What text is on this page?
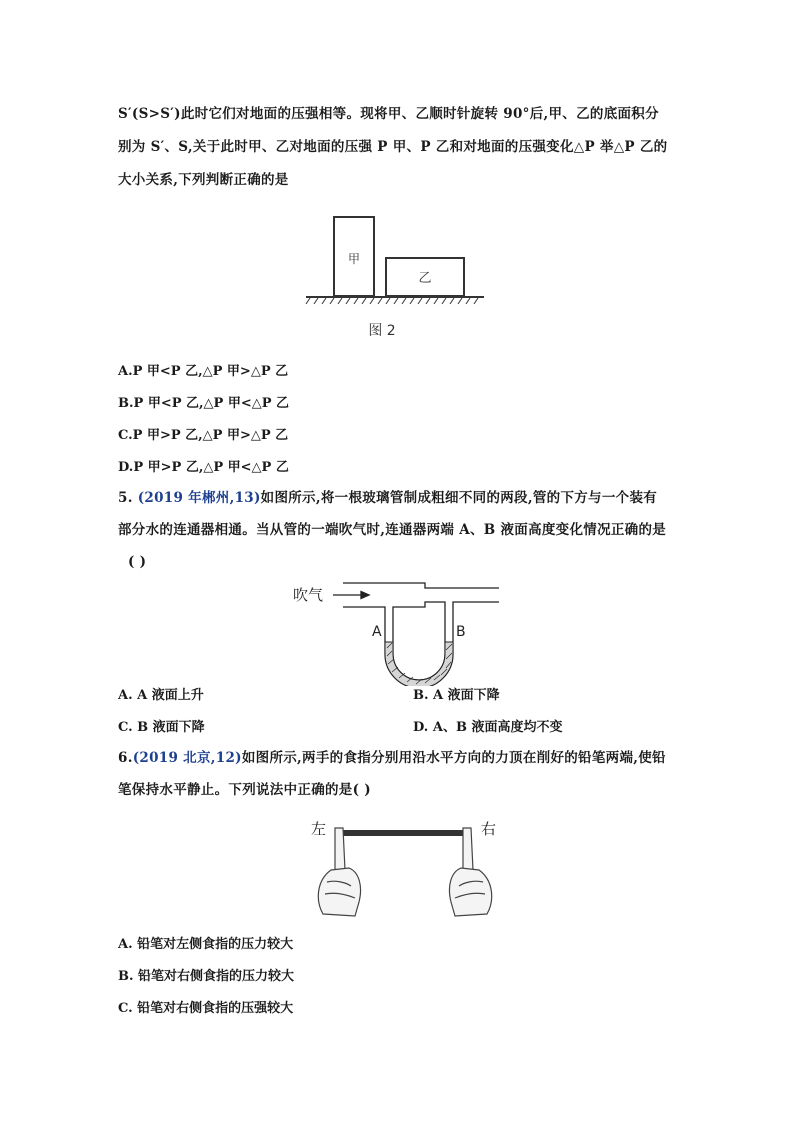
S′(S>S′)此时它们对地面的压强相等。现将甲、乙顺时针旋转 90°后,甲、乙的底面积分
别为 S′、S,关于此时甲、乙对地面的压强 P 甲、P 乙和对地面的压强变化△P 举△P 乙的
大小关系,下列判断正确的是
甲
乙
图 2
A.P 甲<P 乙,△P 甲>△P 乙
B.P 甲<P 乙,△P 甲<△P 乙
C.P 甲>P 乙,△P 甲>△P 乙
D.P 甲>P 乙,△P 甲<△P 乙
5. (2019 年郴州,13)如图所示,将一根玻璃管制成粗细不同的两段,管的下方与一个装有
部分水的连通器相通。当从管的一端吹气时,连通器两端 A、B 液面高度变化情况正确的是
( )
吹气
A	B
A. A 液面上升	B. A 液面下降
C. B 液面下降	D. A、B 液面高度均不变
6.(2019 北京,12)如图所示,两手的食指分别用沿水平方向的力顶在削好的铅笔两端,使铅
笔保持水平静止。下列说法中正确的是( )
左	右
A. 铅笔对左侧食指的压力较大
B. 铅笔对右侧食指的压力较大
C. 铅笔对右侧食指的压强较大
